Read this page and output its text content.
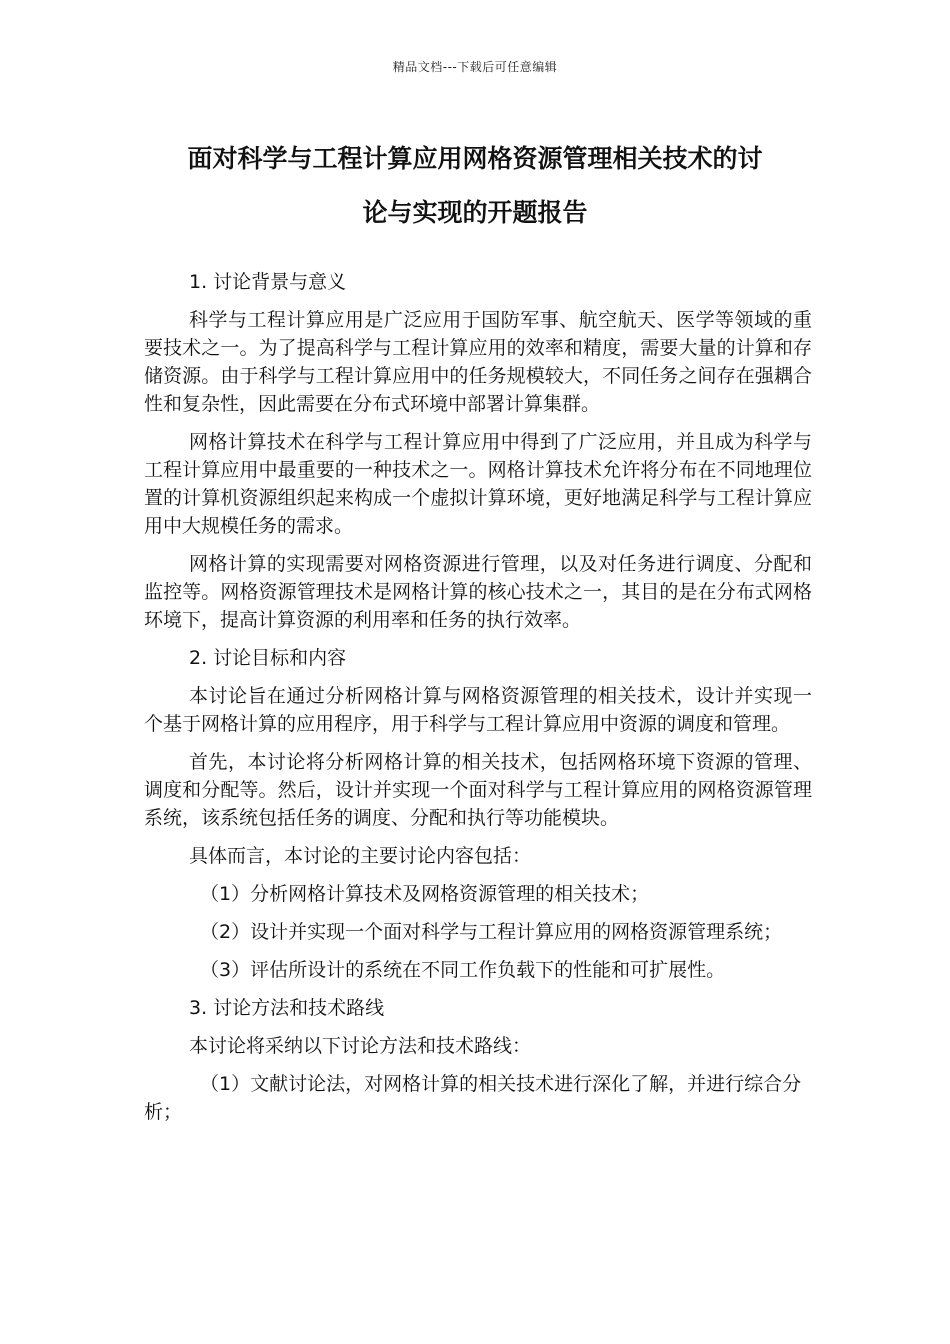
精品文档---下载后可任意编辑
面对科学与工程计算应用网格资源管理相关技术的讨
论与实现的开题报告

1. 讨论背景与意义

科学与工程计算应用是广泛应用于国防军事、航空航天、医学等领域的重要技术之一。为了提高科学与工程计算应用的效率和精度，需要大量的计算和存储资源。由于科学与工程计算应用中的任务规模较大，不同任务之间存在强耦合性和复杂性，因此需要在分布式环境中部署计算集群。

网格计算技术在科学与工程计算应用中得到了广泛应用，并且成为科学与工程计算应用中最重要的一种技术之一。网格计算技术允许将分布在不同地理位置的计算机资源组织起来构成一个虚拟计算环境，更好地满足科学与工程计算应用中大规模任务的需求。

网格计算的实现需要对网格资源进行管理，以及对任务进行调度、分配和监控等。网格资源管理技术是网格计算的核心技术之一，其目的是在分布式网格环境下，提高计算资源的利用率和任务的执行效率。

2. 讨论目标和内容

本讨论旨在通过分析网格计算与网格资源管理的相关技术，设计并实现一个基于网格计算的应用程序，用于科学与工程计算应用中资源的调度和管理。

首先，本讨论将分析网格计算的相关技术，包括网格环境下资源的管理、调度和分配等。然后，设计并实现一个面对科学与工程计算应用的网格资源管理系统，该系统包括任务的调度、分配和执行等功能模块。

具体而言，本讨论的主要讨论内容包括：

（1）分析网格计算技术及网格资源管理的相关技术；

（2）设计并实现一个面对科学与工程计算应用的网格资源管理系统；

（3）评估所设计的系统在不同工作负载下的性能和可扩展性。

3. 讨论方法和技术路线

本讨论将采纳以下讨论方法和技术路线：

（1）文献讨论法，对网格计算的相关技术进行深化了解，并进行综合分析；
